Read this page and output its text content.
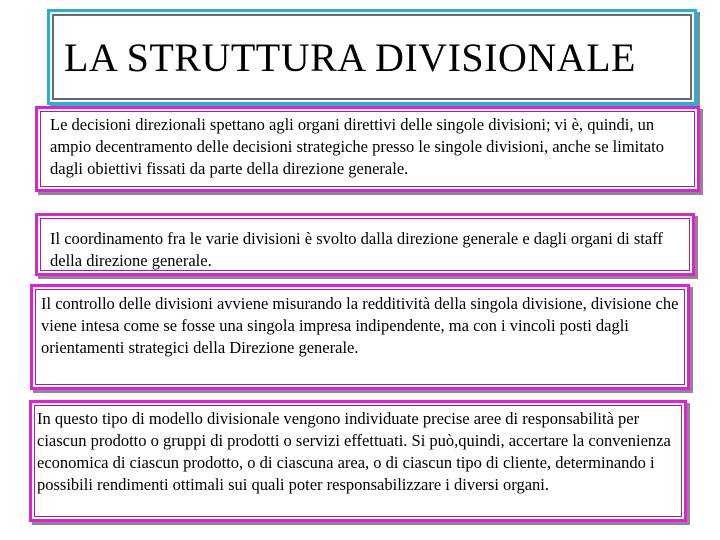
LA STRUTTURA DIVISIONALE

Le decisioni direzionali spettano agli organi direttivi delle singole divisioni; vi è, quindi, un ampio decentramento delle decisioni strategiche presso le singole divisioni, anche se limitato dagli obiettivi fissati da parte della direzione generale.

Il coordinamento fra le varie divisioni è svolto dalla direzione generale e dagli organi di staff della direzione generale.

Il controllo delle divisioni avviene misurando la redditività della singola divisione, divisione che viene intesa come se fosse una singola impresa indipendente, ma con i vincoli posti dagli orientamenti strategici della Direzione generale.

In questo tipo di modello divisionale vengono individuate precise aree di responsabilità per ciascun prodotto o gruppi di prodotti o servizi effettuati. Si può,quindi, accertare la convenienza economica di ciascun prodotto, o di ciascuna area, o di ciascun tipo di cliente, determinando i possibili rendimenti ottimali sui quali poter responsabilizzare i diversi organi.
